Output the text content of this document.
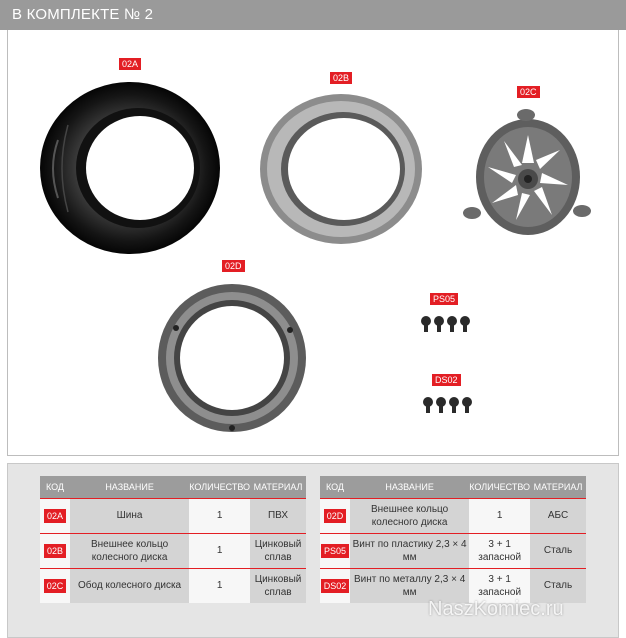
В КОМПЛЕКТЕ № 2
02A
02B
02C
02D
PS05
DS02
КОД	НАЗВАНИЕ	КОЛИЧЕСТВО	МАТЕРИАЛ
02A	Шина	1	ПВХ
02B	Внешнее кольцо колесного диска	1	Цинковый сплав
02C	Обод колесного диска	1	Цинковый сплав
КОД	НАЗВАНИЕ	КОЛИЧЕСТВО	МАТЕРИАЛ
02D	Внешнее кольцо колесного диска	1	АБС
PS05	Винт по пластику 2,3 × 4 мм	3 + 1 запасной	Сталь
DS02	Винт по металлу 2,3 × 4 мм	3 + 1 запасной	Сталь
NaszKomiec.ru
